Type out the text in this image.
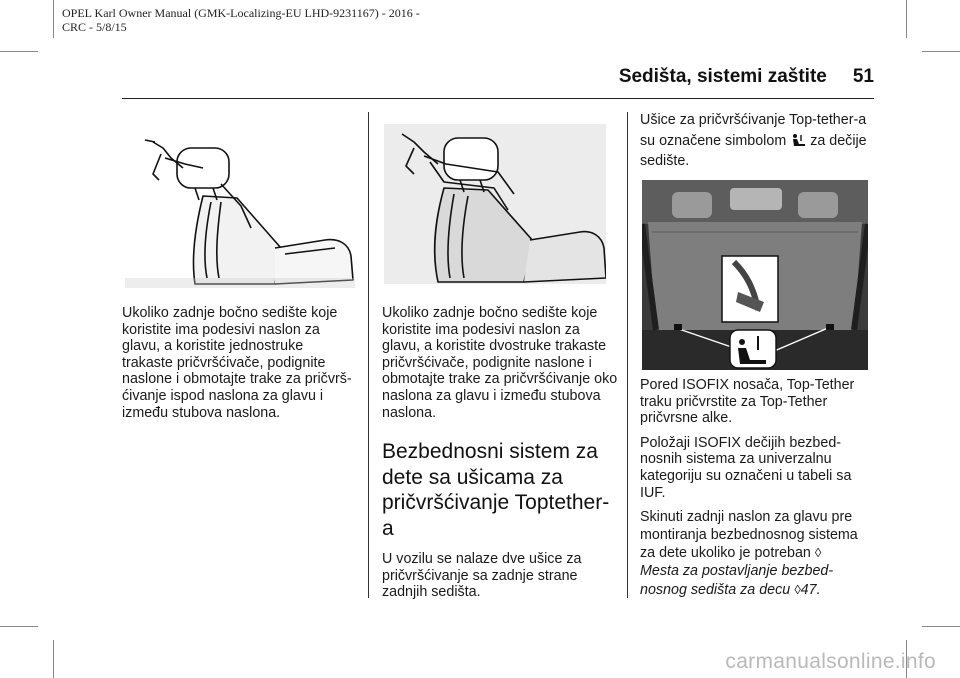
OPEL Karl Owner Manual (GMK-Localizing-EU LHD-9231167) - 2016 -
CRC - 5/8/15
Sedišta, sistemi zaštite 51

Ukoliko zadnje bočno sedište koje koristite ima podesivi naslon za glavu, a koristite jednostruke trakaste pričvršćivače, podignite naslone i obmotajte trake za pričvrš-ćivanje ispod naslona za glavu i između stubova naslona.

Ukoliko zadnje bočno sedište koje koristite ima podesivi naslon za glavu, a koristite dvostruke trakaste pričvršćivače, podignite naslone i obmotajte trake za pričvršćivanje oko naslona za glavu i između stubova naslona.

Bezbednosni sistem za dete sa ušicama za pričvršćivanje Toptether-a

U vozilu se nalaze dve ušice za pričvršćivanje sa zadnje strane zadnjih sedišta.

Ušice za pričvršćivanje Top-tether-a su označene simbolom za dečije sedište.

Pored ISOFIX nosača, Top-Tether traku pričvrstite za Top-Tether pričvrsne alke.

Položaji ISOFIX dečijih bezbed-nosnih sistema za univerzalnu kategoriju su označeni u tabeli sa IUF.

Skinuti zadnji naslon za glavu pre montiranja bezbednosnog sistema za dete ukoliko je potreban ◊
Mesta za postavljanje bezbed-nosnog sedišta za decu ◊47.

carmanualsonline.info
